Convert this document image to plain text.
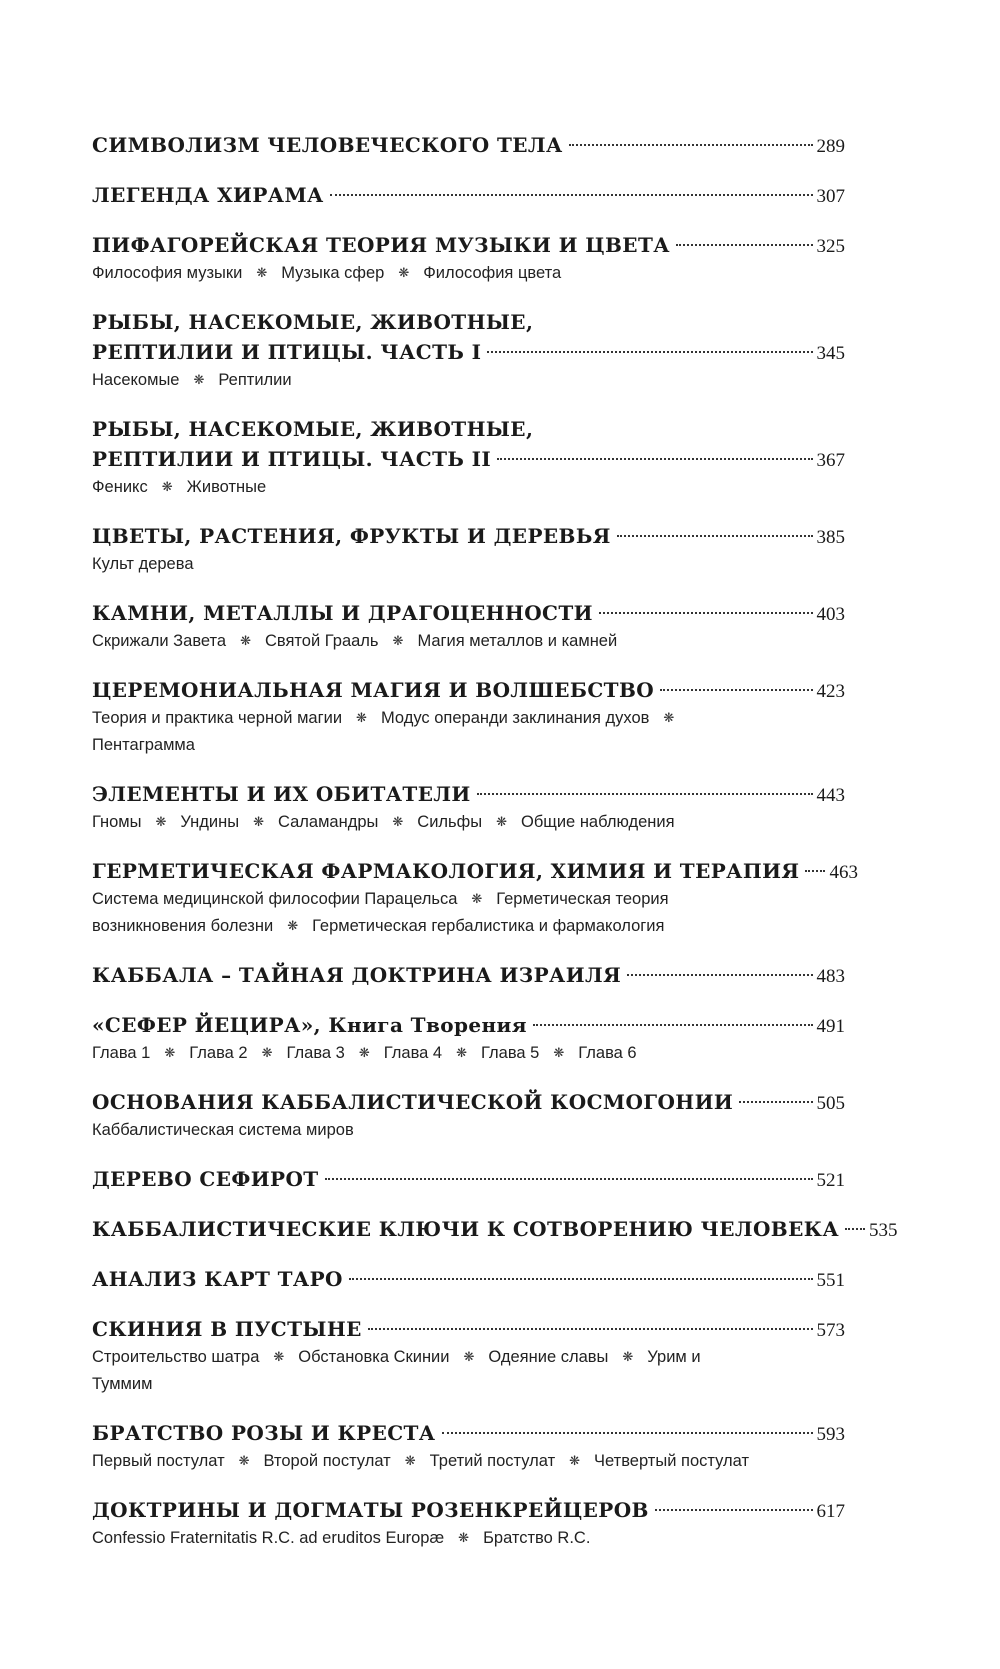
СИМВОЛИЗМ ЧЕЛОВЕЧЕСКОГО ТЕЛА	289
ЛЕГЕНДА ХИРАМА	307
ПИФАГОРЕЙСКАЯ ТЕОРИЯ МУЗЫКИ И ЦВЕТА	325
Философия музыки ❋ Музыка сфер ❋ Философия цвета
РЫБЫ, НАСЕКОМЫЕ, ЖИВОТНЫЕ,
РЕПТИЛИИ И ПТИЦЫ. ЧАСТЬ I	345
Насекомые ❋ Рептилии
РЫБЫ, НАСЕКОМЫЕ, ЖИВОТНЫЕ,
РЕПТИЛИИ И ПТИЦЫ. ЧАСТЬ II	367
Феникс ❋ Животные
ЦВЕТЫ, РАСТЕНИЯ, ФРУКТЫ И ДЕРЕВЬЯ	385
Культ дерева
КАМНИ, МЕТАЛЛЫ И ДРАГОЦЕННОСТИ	403
Скрижали Завета ❋ Святой Грааль ❋ Магия металлов и камней
ЦЕРЕМОНИАЛЬНАЯ МАГИЯ И ВОЛШЕБСТВО	423
Теория и практика черной магии ❋ Модус операнди заклинания духов ❋Пентаграмма
ЭЛЕМЕНТЫ И ИХ ОБИТАТЕЛИ	443
Гномы ❋ Ундины ❋ Саламандры ❋ Сильфы ❋ Общие наблюдения
ГЕРМЕТИЧЕСКАЯ ФАРМАКОЛОГИЯ, ХИМИЯ И ТЕРАПИЯ 463
Система медицинской философии Парацельса ❋ Герметическая теория возникновения болезни ❋ Герметическая гербалистика и фармакология
КАББАЛА – ТАЙНАЯ ДОКТРИНА ИЗРАИЛЯ	483
«СЕФЕР ЙЕЦИРА», Книга Творения	491
Глава 1 ❋ Глава 2 ❋ Глава 3 ❋ Глава 4 ❋ Глава 5 ❋ Глава 6
ОСНОВАНИЯ КАББАЛИСТИЧЕСКОЙ КОСМОГОНИИ	505
Каббалистическая система миров
ДЕРЕВО СЕФИРОТ	521
КАББАЛИСТИЧЕСКИЕ КЛЮЧИ К СОТВОРЕНИЮ ЧЕЛОВЕКА 535
АНАЛИЗ КАРТ ТАРО	551
СКИНИЯ В ПУСТЫНЕ	573
Строительство шатра ❋ Обстановка Скинии ❋ Одеяние славы ❋ Урим и Туммим
БРАТСТВО РОЗЫ И КРЕСТА	593
Первый постулат ❋ Второй постулат ❋ Третий постулат ❋ Четвертый постулат
ДОКТРИНЫ И ДОГМАТЫ РОЗЕНКРЕЙЦЕРОВ	617
Confessio Fraternitatis R.C. ad eruditos Europæ ❋ Братство R.C.
